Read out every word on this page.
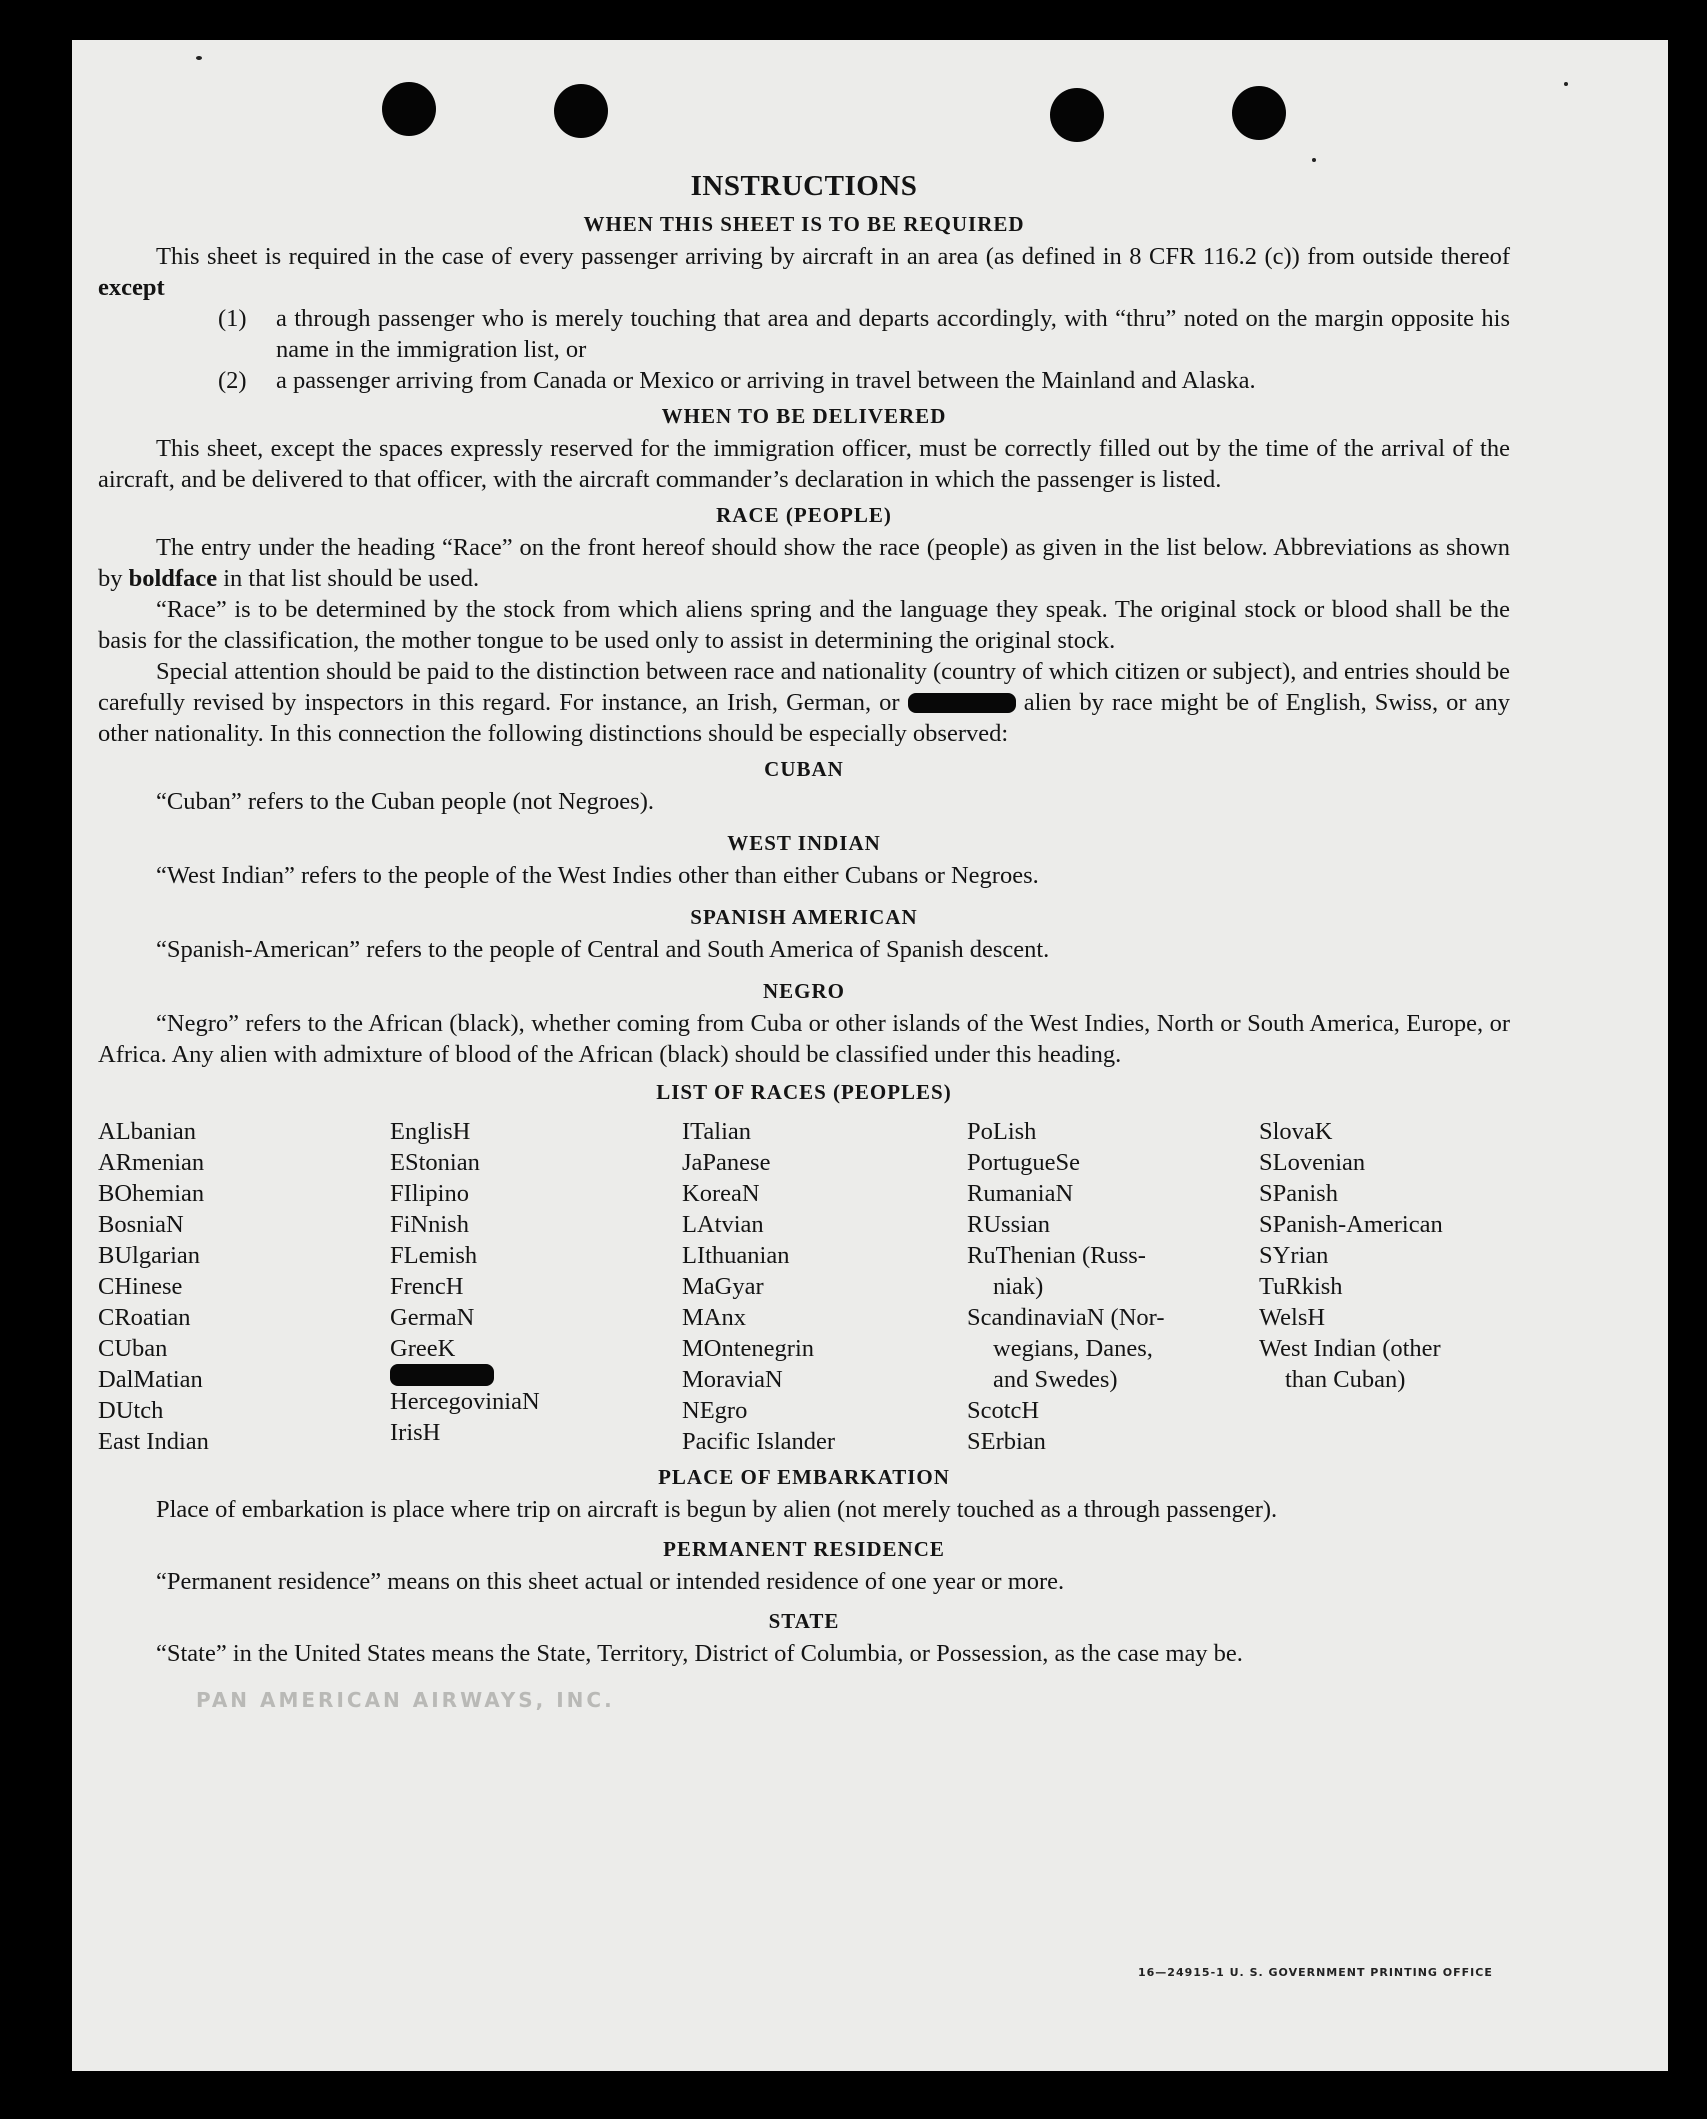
PAN AMERICAN AIRWAYS, INC.
INSTRUCTIONS
WHEN THIS SHEET IS TO BE REQUIRED

This sheet is required in the case of every passenger arriving by aircraft in an area (as defined in 8 CFR 116.2 (c)) from outside thereof except

(1)	a through passenger who is merely touching that area and departs accordingly, with “thru” noted on the margin opposite his name in the immigration list, or
(2)	a passenger arriving from Canada or Mexico or arriving in travel between the Mainland and Alaska.
WHEN TO BE DELIVERED

This sheet, except the spaces expressly reserved for the immigration officer, must be correctly filled out by the time of the arrival of the aircraft, and be delivered to that officer, with the aircraft commander’s declaration in which the passenger is listed.

RACE (PEOPLE)

The entry under the heading “Race” on the front hereof should show the race (people) as given in the list below. Abbreviations as shown by boldface in that list should be used.

“Race” is to be determined by the stock from which aliens spring and the language they speak. The original stock or blood shall be the basis for the classification, the mother tongue to be used only to assist in determining the original stock.

Special attention should be paid to the distinction between race and nationality (country of which citizen or subject), and entries should be carefully revised by inspectors in this regard. For instance, an Irish, German, or	alien by race might be of English, Swiss, or any other nationality. In this connection the following distinctions should be especially observed:

CUBAN

“Cuban” refers to the Cuban people (not Negroes).

WEST INDIAN

“West Indian” refers to the people of the West Indies other than either Cubans or Negroes.

SPANISH AMERICAN

“Spanish-American” refers to the people of Central and South America of Spanish descent.

NEGRO

“Negro” refers to the African (black), whether coming from Cuba or other islands of the West Indies, North or South America, Europe, or Africa. Any alien with admixture of blood of the African (black) should be classified under this heading.

LIST OF RACES (PEOPLES)
ALbanian
ARmenian
BOhemian
BosniaN
BUlgarian
CHinese
CRoatian
CUban
DalMatian
DUtch
East Indian
EnglisH
EStonian
FIlipino
FiNnish
FLemish
FrencH
GermaN
GreeK
HercegoviniaN
IrisH
ITalian
JaPanese
KoreaN
LAtvian
LIthuanian
MaGyar
MAnx
MOntenegrin
MoraviaN
NEgro
Pacific Islander
PoLish
PortugueSe
RumaniaN
RUssian
RuThenian (Russ-
niak)
ScandinaviaN (Nor-
wegians, Danes,
and Swedes)
ScotcH
SErbian
SlovaK
SLovenian
SPanish
SPanish-American
SYrian
TuRkish
WelsH
West Indian (other
than Cuban)
PLACE OF EMBARKATION

Place of embarkation is place where trip on aircraft is begun by alien (not merely touched as a through passenger).

PERMANENT RESIDENCE

“Permanent residence” means on this sheet actual or intended residence of one year or more.

STATE

“State” in the United States means the State, Territory, District of Columbia, or Possession, as the case may be.

16—24915-1 U. S. GOVERNMENT PRINTING OFFICE
